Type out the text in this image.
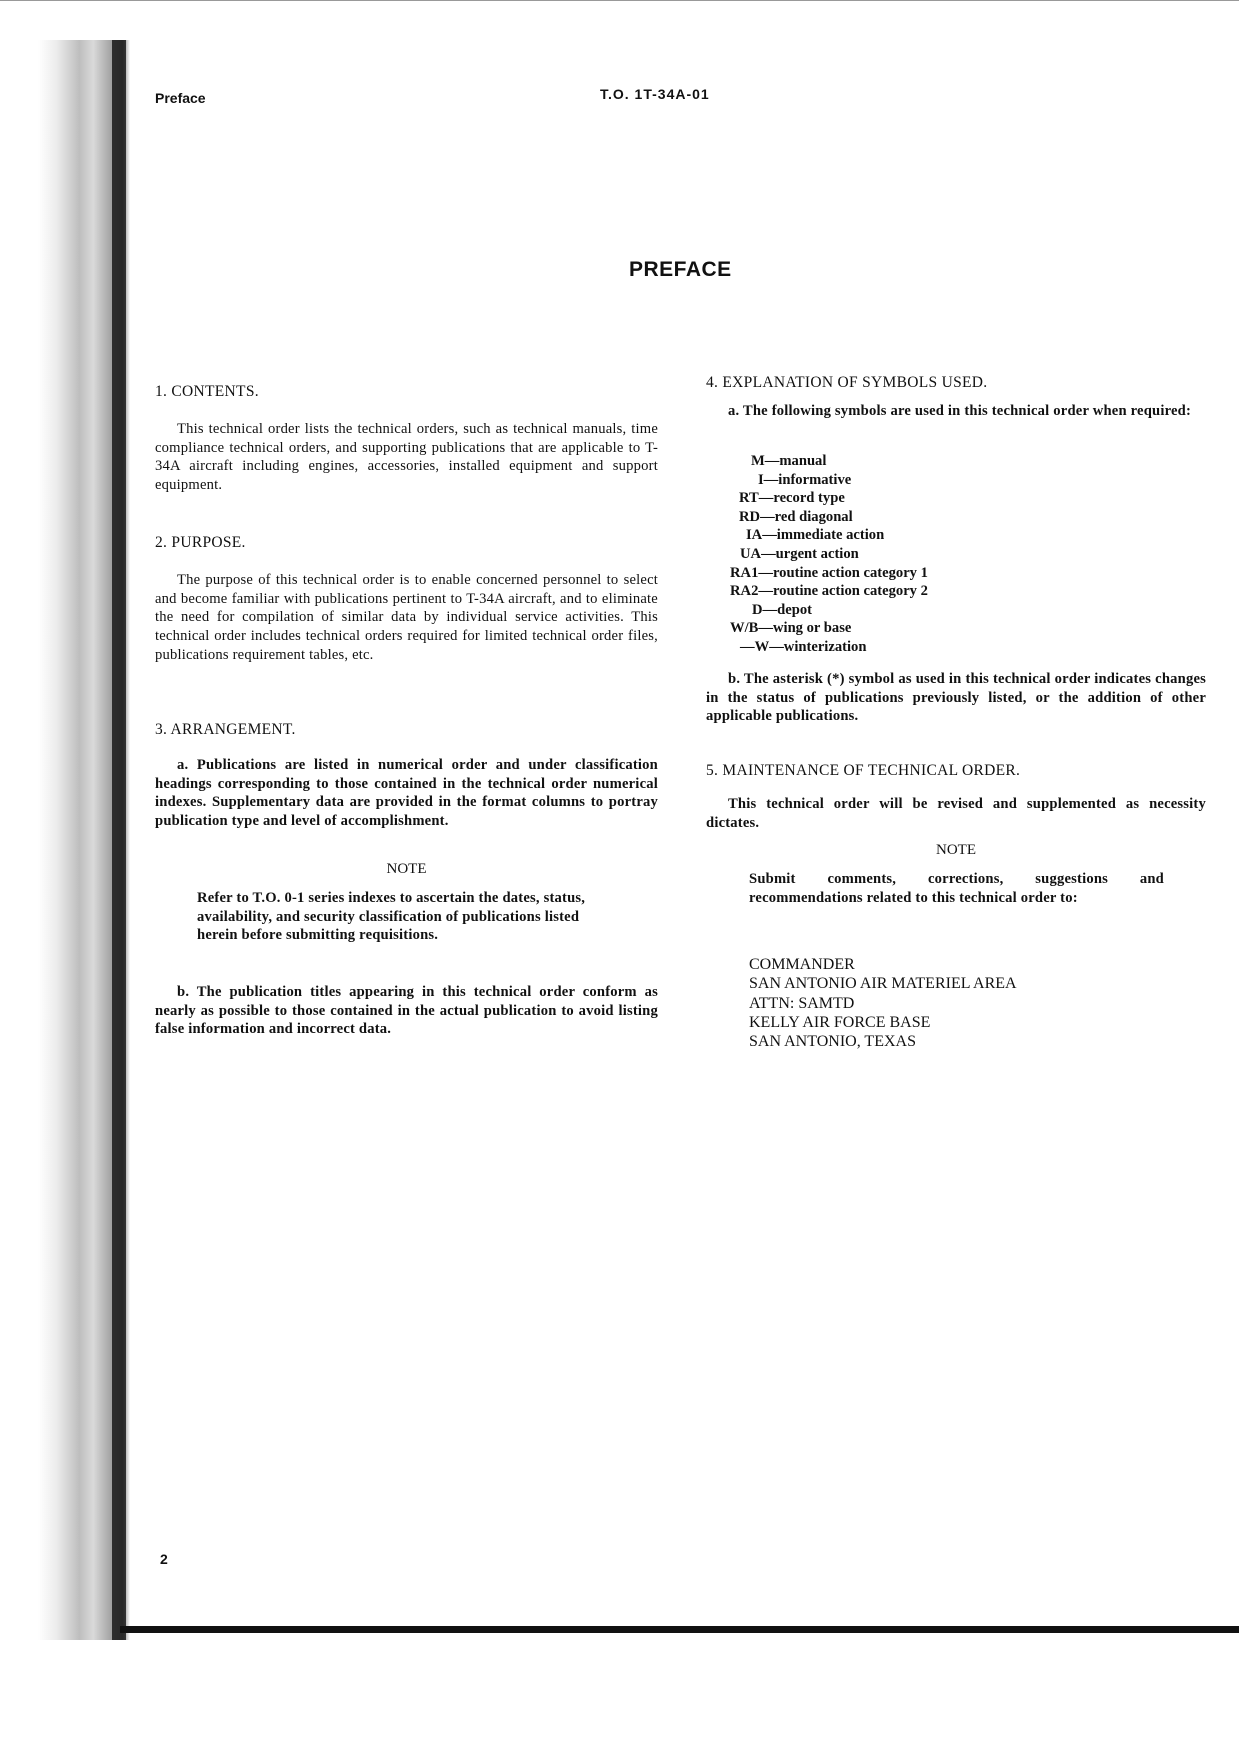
Preface	T.O. 1T-34A-01
PREFACE
1. CONTENTS.
This technical order lists the technical orders, such as technical manuals, time compliance technical orders, and supporting publications that are applicable to T-34A aircraft including engines, accessories, installed equipment and support equipment.
2. PURPOSE.
The purpose of this technical order is to enable concerned personnel to select and become familiar with publications pertinent to T-34A aircraft, and to eliminate the need for compilation of similar data by individual service activities. This technical order includes technical orders required for limited technical order files, publications requirement tables, etc.
3. ARRANGEMENT.
a. Publications are listed in numerical order and under classification headings corresponding to those contained in the technical order numerical indexes. Supplementary data are provided in the format columns to portray publication type and level of accomplishment.
NOTE
Refer to T.O. 0-1 series indexes to ascertain the dates, status, availability, and security classification of publications listed herein before submitting requisitions.
b. The publication titles appearing in this technical order conform as nearly as possible to those contained in the actual publication to avoid listing false information and incorrect data.
4. EXPLANATION OF SYMBOLS USED.
a. The following symbols are used in this technical order when required:
M—manual
I—informative
RT—record type
RD—red diagonal
IA—immediate action
UA—urgent action
RA1—routine action category 1
RA2—routine action category 2
D—depot
W/B—wing or base
—W—winterization
b. The asterisk (*) symbol as used in this technical order indicates changes in the status of publications previously listed, or the addition of other applicable publications.
5. MAINTENANCE OF TECHNICAL ORDER.
This technical order will be revised and supplemented as necessity dictates.
NOTE
Submit comments, corrections, suggestions and recommendations related to this technical order to:
COMMANDER
SAN ANTONIO AIR MATERIEL AREA
ATTN: SAMTD
KELLY AIR FORCE BASE
SAN ANTONIO, TEXAS
2
